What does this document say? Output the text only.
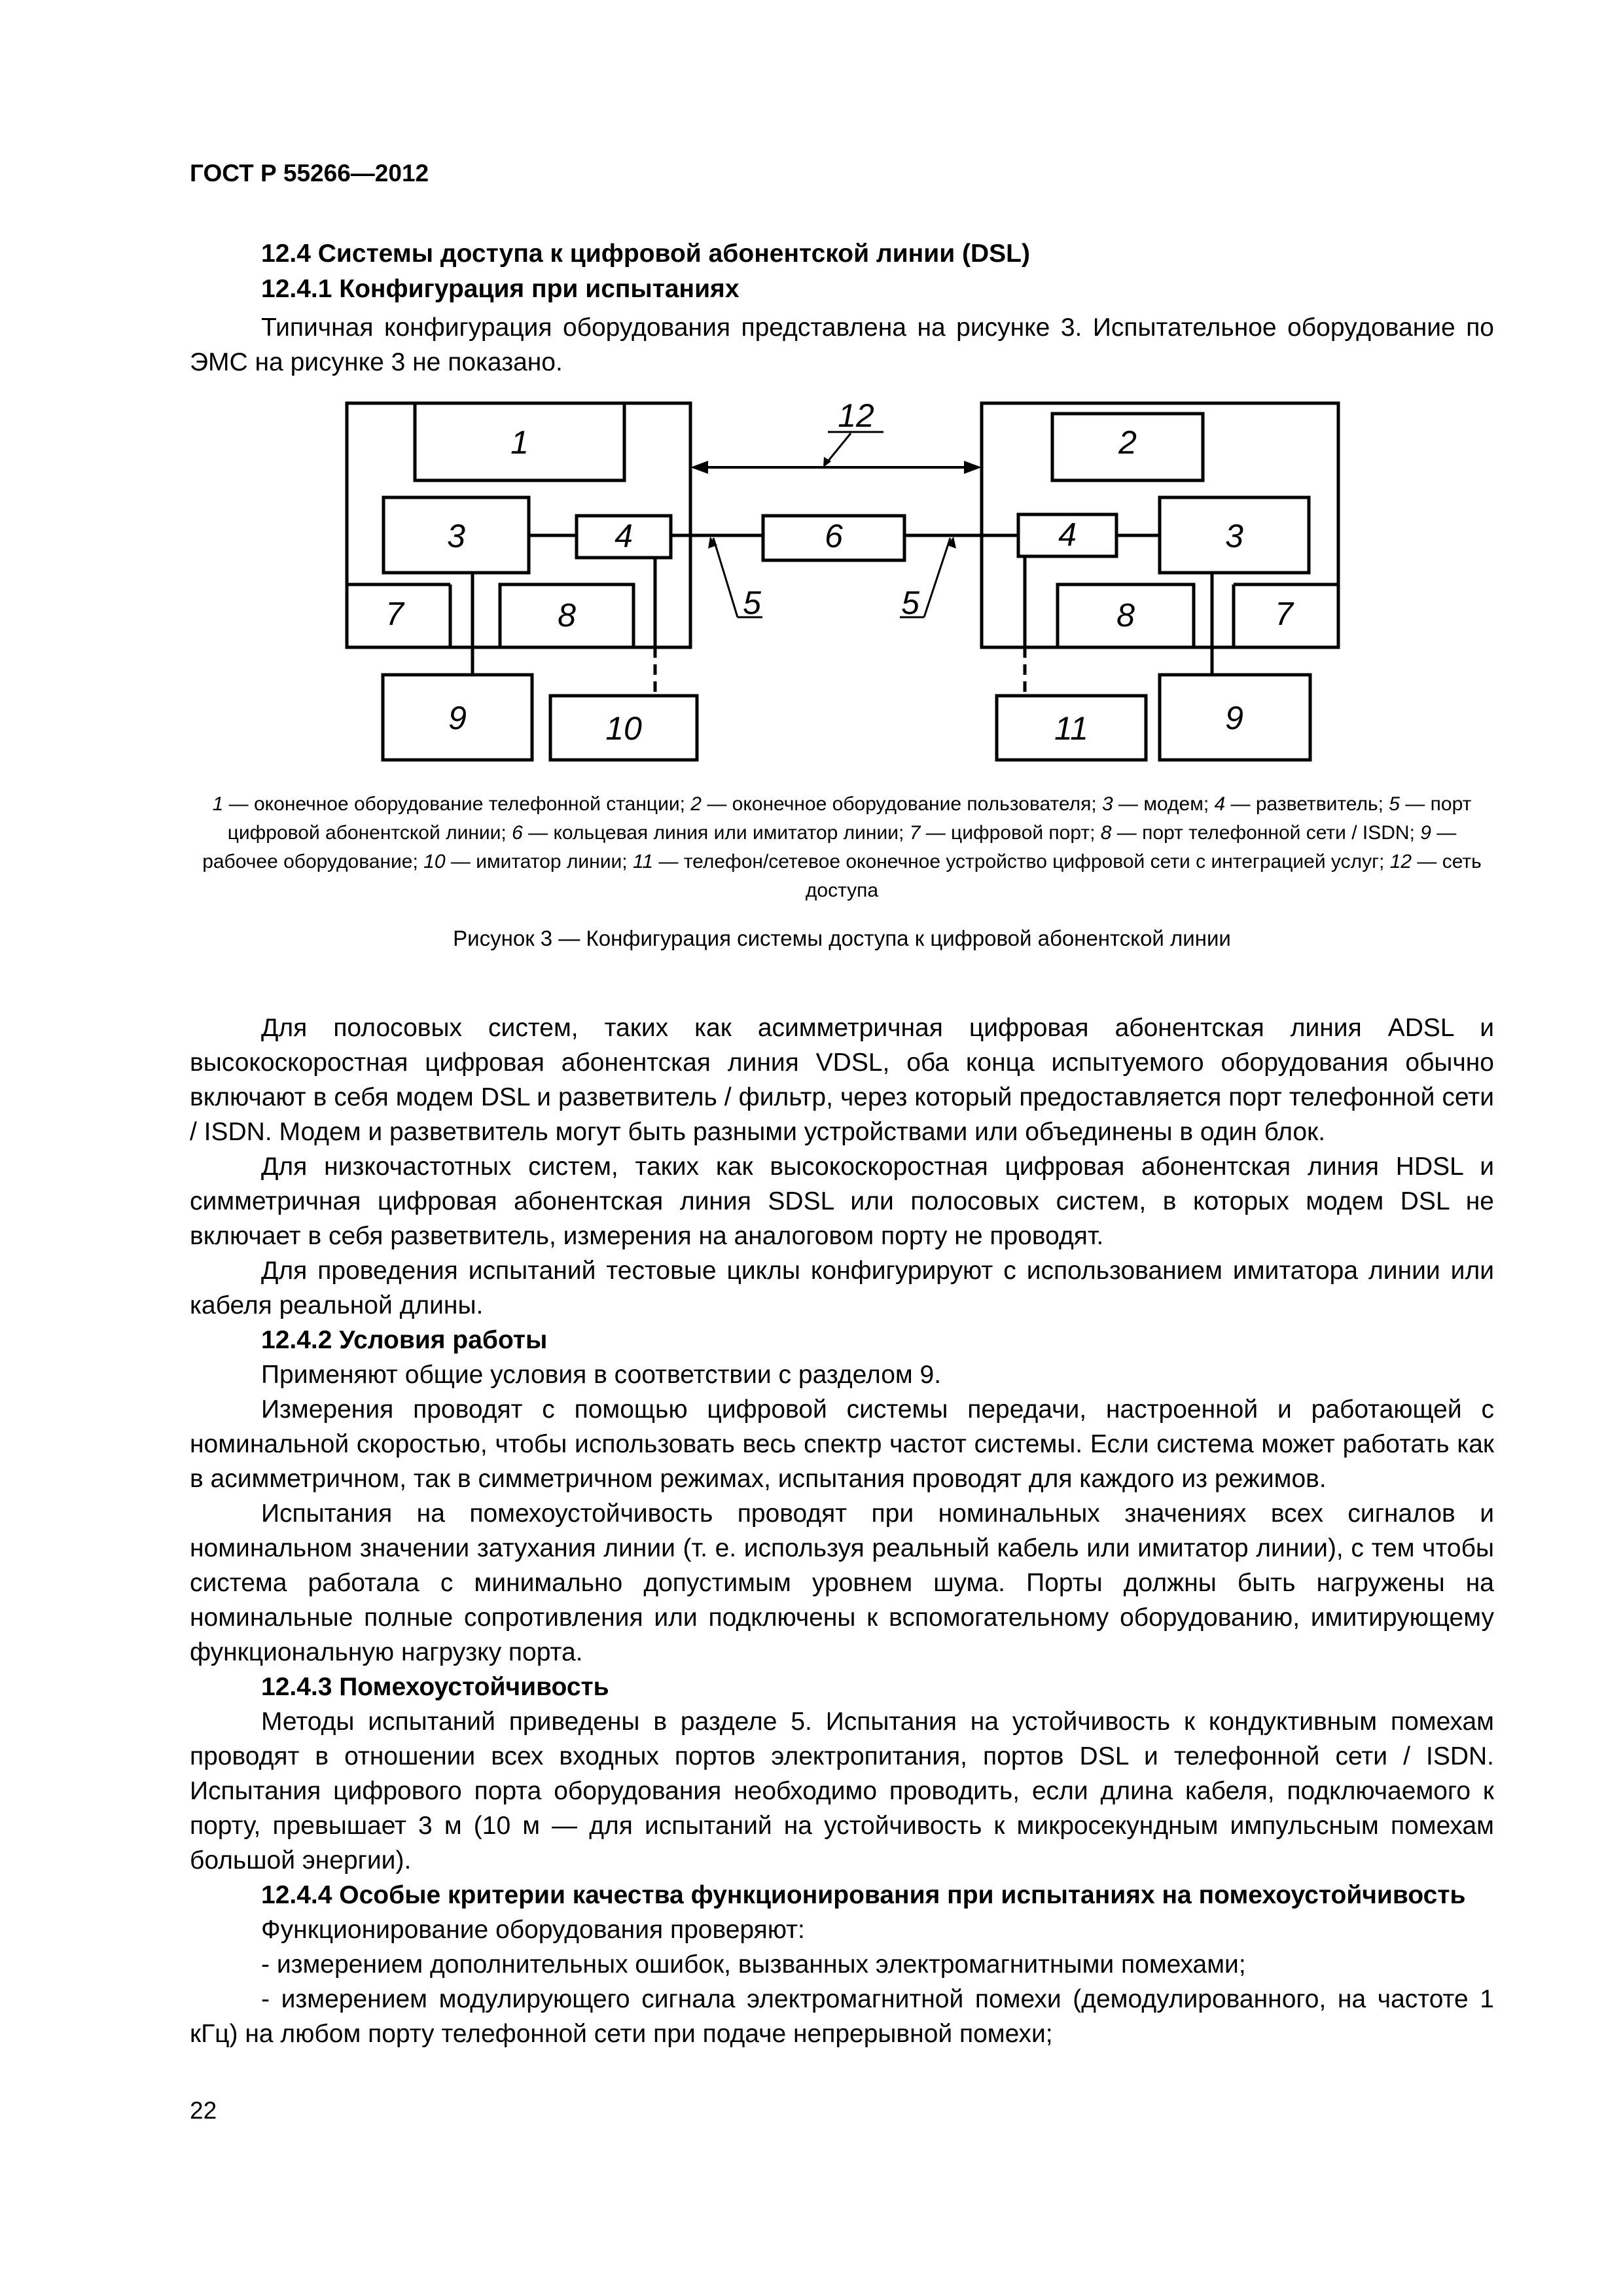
ГОСТ Р 55266—2012
12.4 Системы доступа к цифровой абонентской линии (DSL)
12.4.1 Конфигурация при испытаниях
Типичная конфигурация оборудования представлена на рисунке 3. Испытательное оборудование по ЭМС на рисунке 3 не показано.
1	2
3	3
4	4
6
7	7
8	8
9	9
10	11
12
5	5
1 — оконечное оборудование телефонной станции; 2 — оконечное оборудование пользователя; 3 — модем; 4 — разветвитель; 5 — порт цифровой абонентской линии; 6 — кольцевая линия или имитатор линии; 7 — цифровой порт; 8 — порт телефонной сети / ISDN; 9 — рабочее оборудование; 10 — имитатор линии; 11 — телефон/сетевое оконечное устройство цифровой сети с интеграцией услуг; 12 — сеть доступа
Рисунок 3 — Конфигурация системы доступа к цифровой абонентской линии
Для полосовых систем, таких как асимметричная цифровая абонентская линия ADSL и высокоскоростная цифровая абонентская линия VDSL, оба конца испытуемого оборудования обычно включают в себя модем DSL и разветвитель / фильтр, через который предоставляется порт телефонной сети / ISDN. Модем и разветвитель могут быть разными устройствами или объединены в один блок.
Для низкочастотных систем, таких как высокоскоростная цифровая абонентская линия HDSL и симметричная цифровая абонентская линия SDSL или полосовых систем, в которых модем DSL не включает в себя разветвитель, измерения на аналоговом порту не проводят.
Для проведения испытаний тестовые циклы конфигурируют с использованием имитатора линии или кабеля реальной длины.
12.4.2 Условия работы
Применяют общие условия в соответствии с разделом 9.
Измерения проводят с помощью цифровой системы передачи, настроенной и работающей с номинальной скоростью, чтобы использовать весь спектр частот системы. Если система может работать как в асимметричном, так в симметричном режимах, испытания проводят для каждого из режимов.
Испытания на помехоустойчивость проводят при номинальных значениях всех сигналов и номинальном значении затухания линии (т. е. используя реальный кабель или имитатор линии), с тем чтобы система работала с минимально допустимым уровнем шума. Порты должны быть нагружены на номинальные полные сопротивления или подключены к вспомогательному оборудованию, имитирующему функциональную нагрузку порта.
12.4.3 Помехоустойчивость
Методы испытаний приведены в разделе 5. Испытания на устойчивость к кондуктивным помехам проводят в отношении всех входных портов электропитания, портов DSL и телефонной сети / ISDN. Испытания цифрового порта оборудования необходимо проводить, если длина кабеля, подключаемого к порту, превышает 3 м (10 м — для испытаний на устойчивость к микросекундным импульсным помехам большой энергии).
12.4.4 Особые критерии качества функционирования при испытаниях на помехоустойчивость
Функционирование оборудования проверяют:
- измерением дополнительных ошибок, вызванных электромагнитными помехами;
- измерением модулирующего сигнала электромагнитной помехи (демодулированного, на частоте 1 кГц) на любом порту телефонной сети при подаче непрерывной помехи;
22
